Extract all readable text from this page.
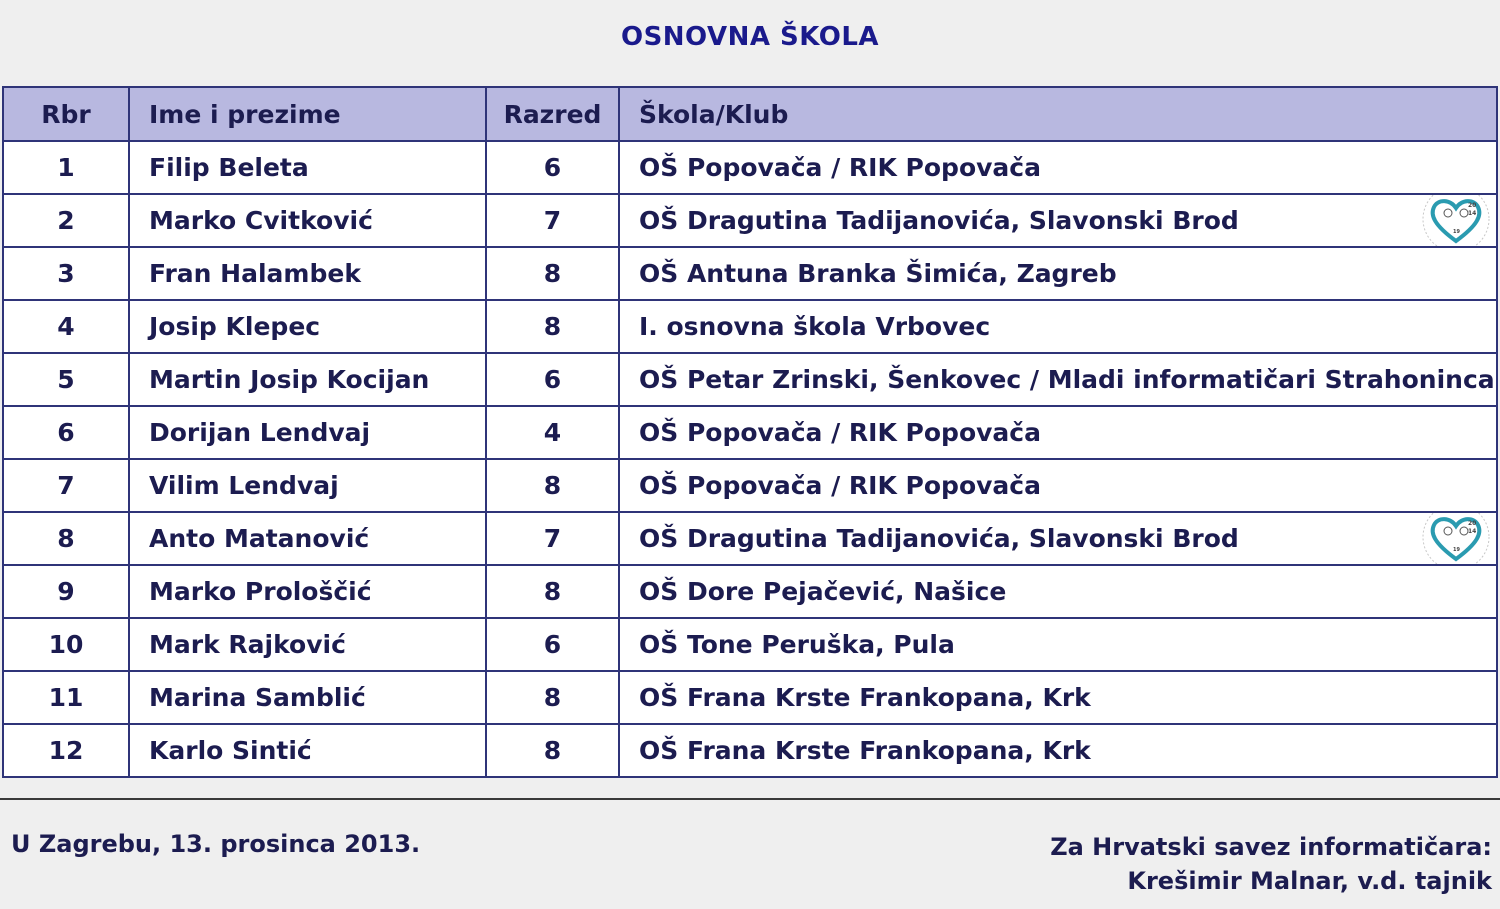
OSNOVNA ŠKOLA
Rbr	Ime i prezime	Razred	Škola/Klub
1	Filip Beleta	6	OŠ Popovača / RIK Popovača
2	Marko Cvitković	7	OŠ Dragutina Tadijanovića, Slavonski Brod
20
14
19

3	Fran Halambek	8	OŠ Antuna Branka Šimića, Zagreb
4	Josip Klepec	8	I. osnovna škola Vrbovec
5	Martin Josip Kocijan	6	OŠ Petar Zrinski, Šenkovec / Mladi informatičari Strahoninca
6	Dorijan Lendvaj	4	OŠ Popovača / RIK Popovača
7	Vilim Lendvaj	8	OŠ Popovača / RIK Popovača
8	Anto Matanović	7	OŠ Dragutina Tadijanovića, Slavonski Brod
20
14
19

9	Marko Prološčić	8	OŠ Dore Pejačević, Našice
10	Mark Rajković	6	OŠ Tone Peruška, Pula
11	Marina Samblić	8	OŠ Frana Krste Frankopana, Krk
12	Karlo Sintić	8	OŠ Frana Krste Frankopana, Krk
U Zagrebu, 13. prosinca 2013.	Za Hrvatski savez informatičara:
Krešimir Malnar, v.d. tajnik
